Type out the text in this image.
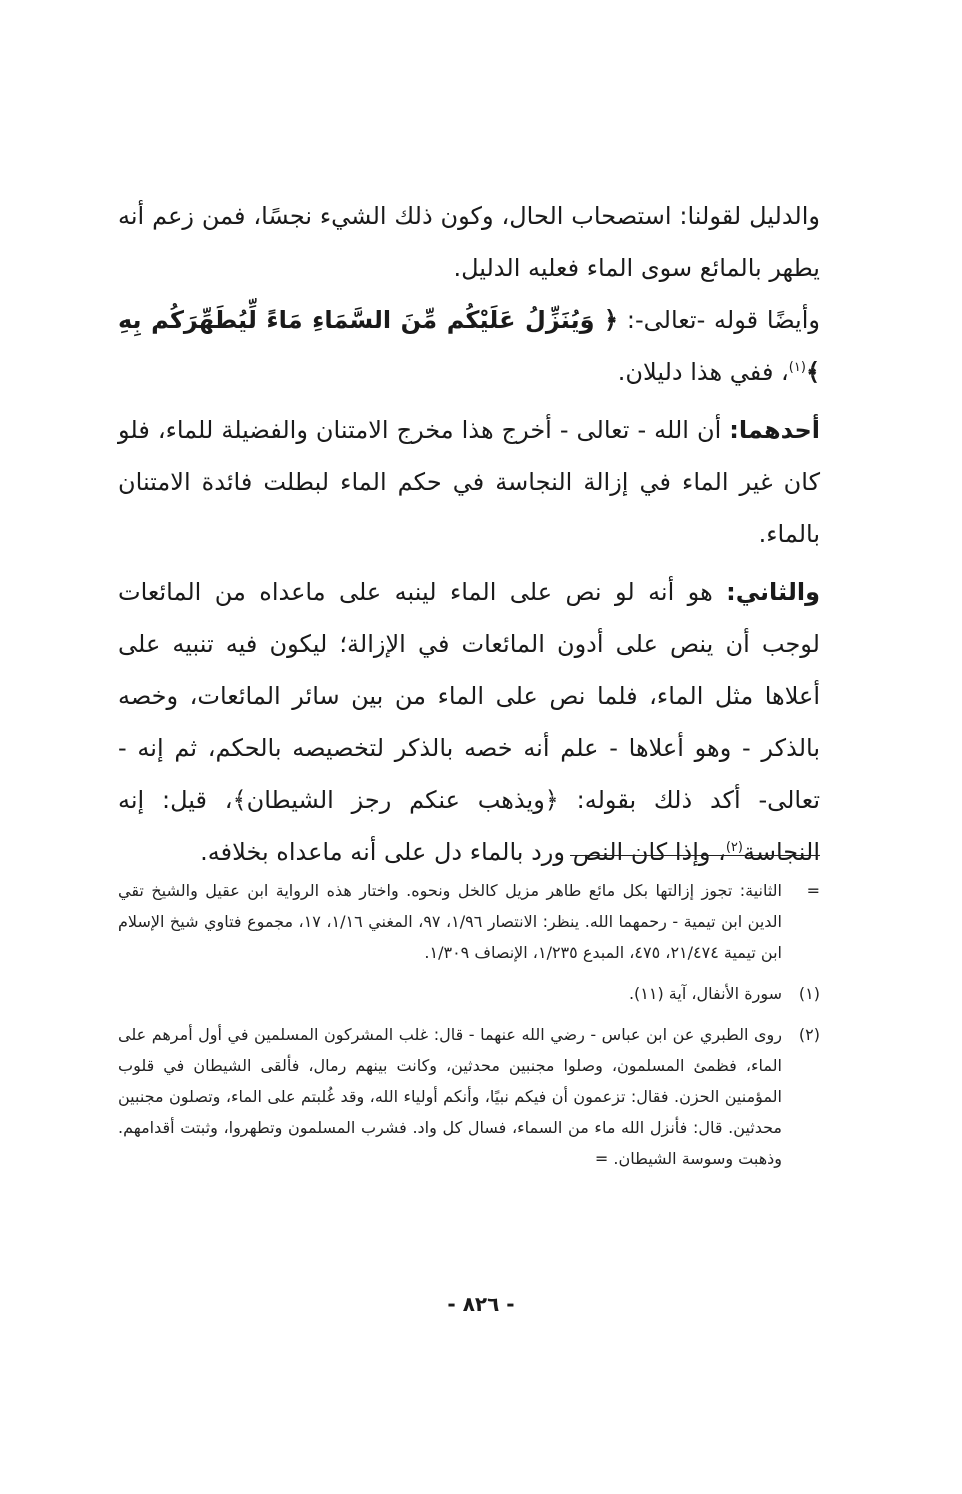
والدليل لقولنا: استصحاب الحال، وكون ذلك الشيء نجسًا، فمن زعم أنه يطهر بالمائع سوى الماء فعليه الدليل.

وأيضًا قوله -تعالى-: ﴿ وَيُنَزِّلُ عَلَيْكُم مِّنَ السَّمَاءِ مَاءً لِّيُطَهِّرَكُم بِهِ ﴾$^{(١)}$، ففي هذا دليلان.

أحدهما: أن الله - تعالى - أخرج هذا مخرج الامتنان والفضيلة للماء، فلو كان غير الماء في إزالة النجاسة في حكم الماء لبطلت فائدة الامتنان بالماء.

والثاني: هو أنه لو نص على الماء لينبه على ماعداه من المائعات لوجب أن ينص على أدون المائعات في الإزالة؛ ليكون فيه تنبيه على أعلاها مثل الماء، فلما نص على الماء من بين سائر المائعات، وخصه بالذكر - وهو أعلاها - علم أنه خصه بالذكر لتخصيصه بالحكم، ثم إنه - تعالى- أكد ذلك بقوله: ﴿ويذهب عنكم رجز الشيطان﴾، قيل: إنه النجاسة$^{(٢)}$، وإذا كان النص ورد بالماء دل على أنه ماعداه بخلافه.

=
الثانية: تجوز إزالتها بكل مائع طاهر مزيل كالخل ونحوه. واختار هذه الرواية ابن عقيل والشيخ تقي الدين ابن تيمية - رحمهما الله. ينظر: الانتصار ١/٩٦، ٩٧، المغني ١/١٦، ١٧، مجموع فتاوي شيخ الإسلام ابن تيمية ٢١/٤٧٤، ٤٧٥، المبدع ١/٢٣٥، الإنصاف ١/٣٠٩.
(١)
سورة الأنفال، آية (١١).
(٢)
روى الطبري عن ابن عباس - رضي الله عنهما - قال: غلب المشركون المسلمين في أول أمرهم على الماء، فظمئ المسلمون، وصلوا مجنبين محدثين، وكانت بينهم رمال، فألقى الشيطان في قلوب المؤمنين الحزن. فقال: تزعمون أن فيكم نبيًا، وأنكم أولياء الله، وقد غُلبتم على الماء، وتصلون مجنبين محدثين. قال: فأنزل الله ماء من السماء، فسال كل واد. فشرب المسلمون وتطهروا، وثبتت أقدامهم. وذهبت وسوسة الشيطان. =
- ٨٢٦ -
